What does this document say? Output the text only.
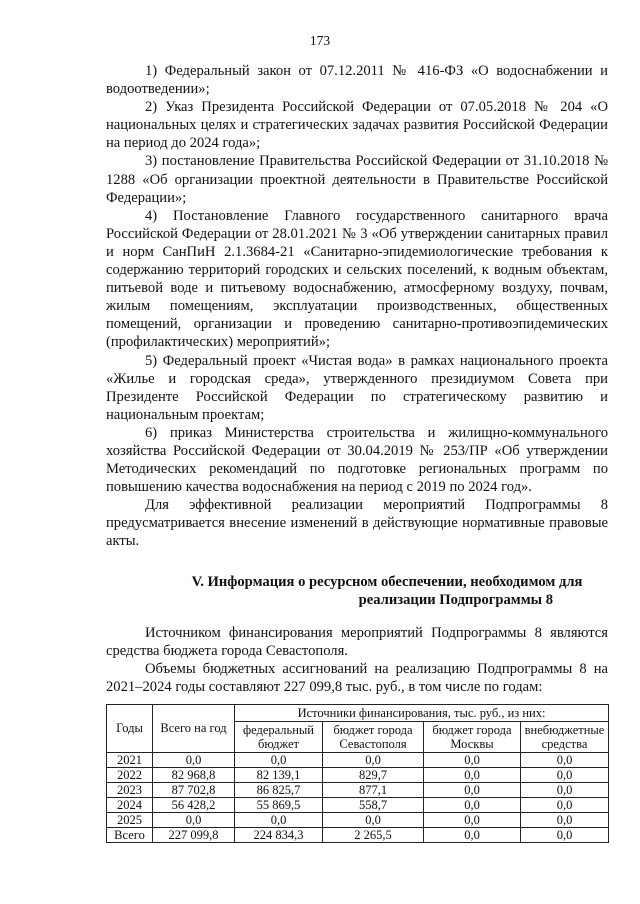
173

1) Федеральный закон от 07.12.2011 № 416-ФЗ «О водоснабжении и водоотведении»;

2) Указ Президента Российской Федерации от 07.05.2018 № 204 «О национальных целях и стратегических задачах развития Российской Федерации на период до 2024 года»;

3) постановление Правительства Российской Федерации от 31.10.2018 № 1288 «Об организации проектной деятельности в Правительстве Российской Федерации»;

4) Постановление Главного государственного санитарного врача Российской Федерации от 28.01.2021 № 3 «Об утверждении санитарных правил и норм СанПиН 2.1.3684-21 «Санитарно-эпидемиологические требования к содержанию территорий городских и сельских поселений, к водным объектам, питьевой воде и питьевому водоснабжению, атмосферному воздуху, почвам, жилым помещениям, эксплуатации производственных, общественных помещений, организации и проведению санитарно-противоэпидемических (профилактических) мероприятий»;

5) Федеральный проект «Чистая вода» в рамках национального проекта «Жилье и городская среда», утвержденного президиумом Совета при Президенте Российской Федерации по стратегическому развитию и национальным проектам;

6) приказ Министерства строительства и жилищно-коммунального хозяйства Российской Федерации от 30.04.2019 № 253/ПР «Об утверждении Методических рекомендаций по подготовке региональных программ по повышению качества водоснабжения на период с 2019 по 2024 год».

Для эффективной реализации мероприятий Подпрограммы 8 предусматривается внесение изменений в действующие нормативные правовые акты.

V. Информация о ресурсном обеспечении, необходимом для
реализации Подпрограммы 8

Источником финансирования мероприятий Подпрограммы 8 являются средства бюджета города Севастополя.

Объемы бюджетных ассигнований на реализацию Подпрограммы 8 на 2021–2024 годы составляют 227 099,8 тыс. руб., в том числе по годам:

Годы	Всего на год	Источники финансирования, тыс. руб., из них:			
		федеральный бюджет	бюджет города Севастополя	бюджет города Москвы	внебюджетные средства
2021	0,0	0,0	0,0	0,0	0,0
2022	82 968,8	82 139,1	829,7	0,0	0,0
2023	87 702,8	86 825,7	877,1	0,0	0,0
2024	56 428,2	55 869,5	558,7	0,0	0,0
2025	0,0	0,0	0,0	0,0	0,0
Всего	227 099,8	224 834,3	2 265,5	0,0	0,0
